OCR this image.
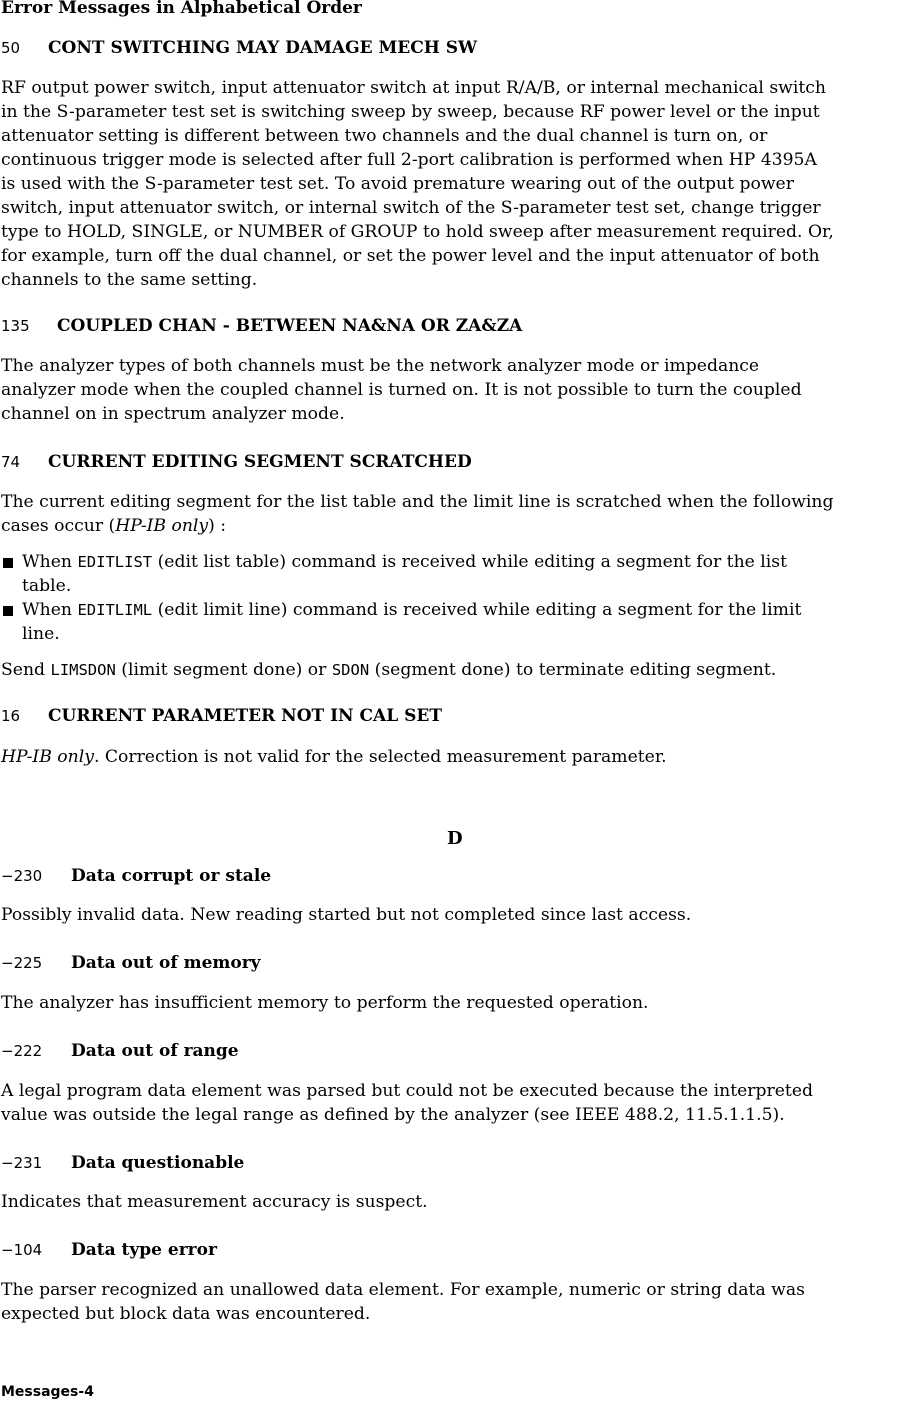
Error Messages in Alphabetical Order
50 CONT SWITCHING MAY DAMAGE MECH SW
RF output power switch, input attenuator switch at input R/A/B, or internal mechanical switch
in the S-parameter test set is switching sweep by sweep, because RF power level or the input
attenuator setting is different between two channels and the dual channel is turn on, or
continuous trigger mode is selected after full 2-port calibration is performed when HP 4395A
is used with the S-parameter test set. To avoid premature wearing out of the output power
switch, input attenuator switch, or internal switch of the S-parameter test set, change trigger
type to HOLD, SINGLE, or NUMBER of GROUP to hold sweep after measurement required. Or,
for example, turn off the dual channel, or set the power level and the input attenuator of both
channels to the same setting.
135 COUPLED CHAN - BETWEEN NA&NA OR ZA&ZA
The analyzer types of both channels must be the network analyzer mode or impedance
analyzer mode when the coupled channel is turned on. It is not possible to turn the coupled
channel on in spectrum analyzer mode.
74 CURRENT EDITING SEGMENT SCRATCHED
The current editing segment for the list table and the limit line is scratched when the following
cases occur (HP-IB only) :
When EDITLIST (edit list table) command is received while editing a segment for the list
table.
When EDITLIML (edit limit line) command is received while editing a segment for the limit
line.
Send LIMSDON (limit segment done) or SDON (segment done) to terminate editing segment.
16 CURRENT PARAMETER NOT IN CAL SET
HP-IB only. Correction is not valid for the selected measurement parameter.
D
−230 Data corrupt or stale
Possibly invalid data. New reading started but not completed since last access.
−225 Data out of memory
The analyzer has insufficient memory to perform the requested operation.
−222 Data out of range
A legal program data element was parsed but could not be executed because the interpreted
value was outside the legal range as defined by the analyzer (see IEEE 488.2, 11.5.1.1.5).
−231 Data questionable
Indicates that measurement accuracy is suspect.
−104 Data type error
The parser recognized an unallowed data element. For example, numeric or string data was
expected but block data was encountered.
Messages-4
